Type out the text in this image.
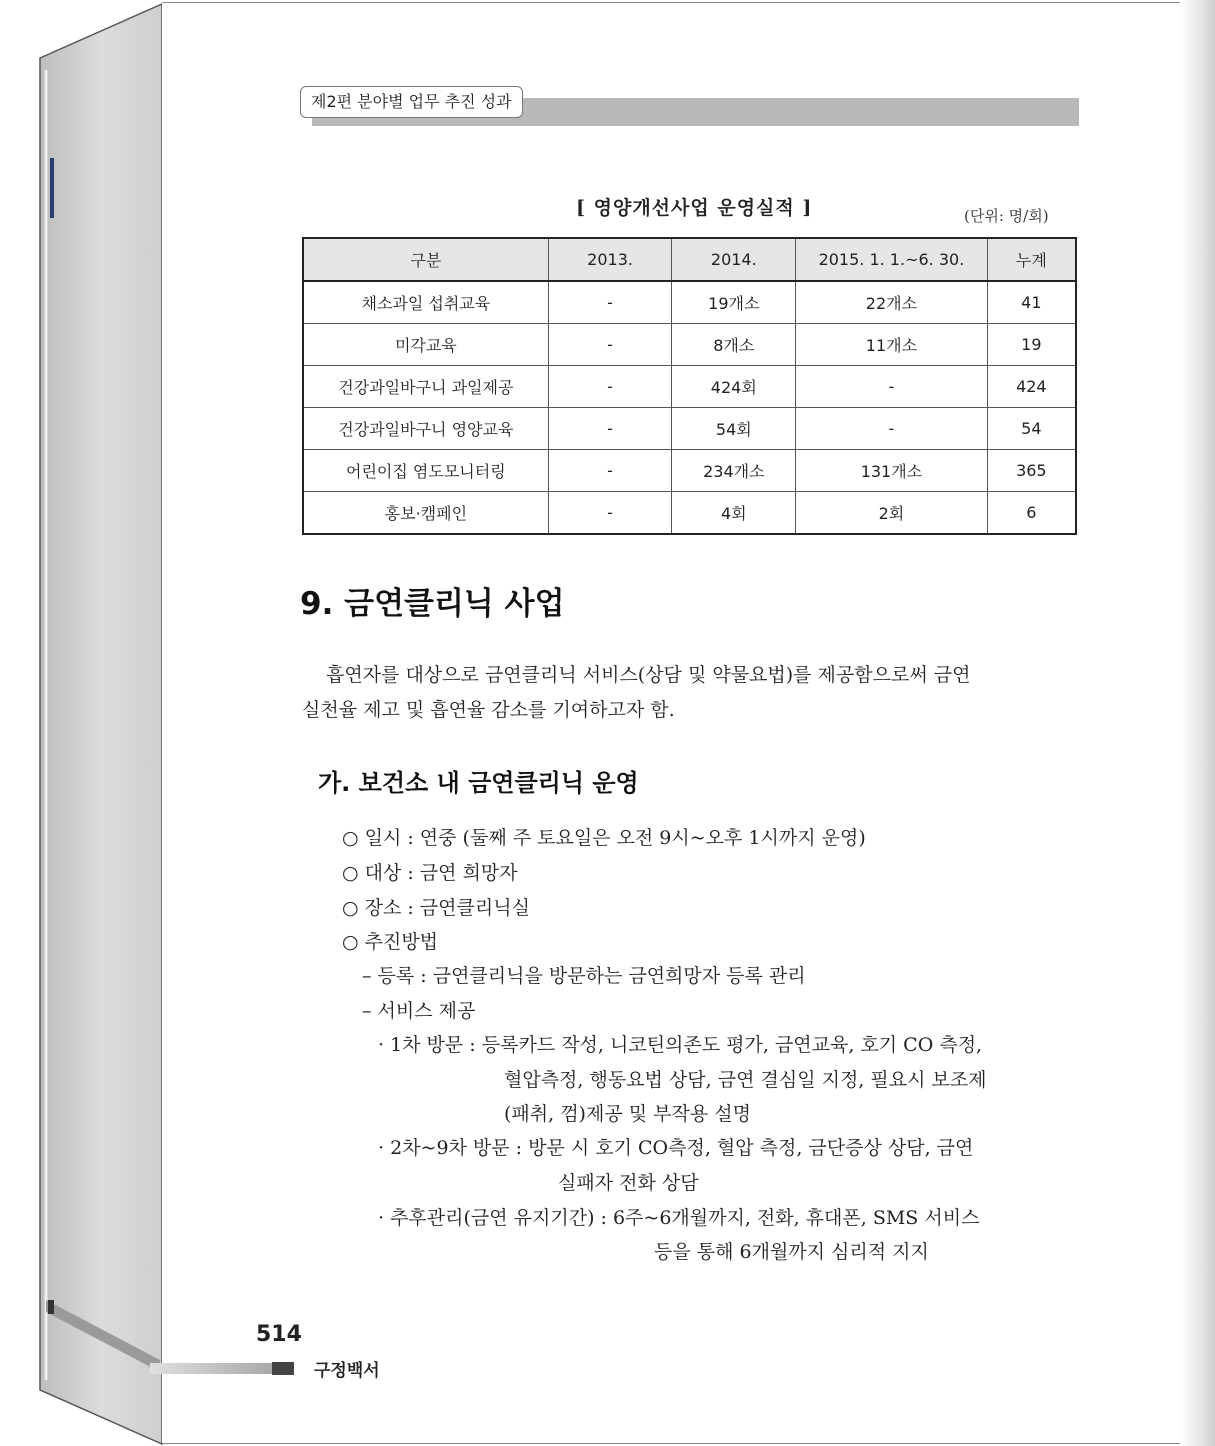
제2편 분야별 업무 추진 성과
[ 영양개선사업 운영실적 ]	(단위: 명/회)
구분	2013.	2014.	2015. 1. 1.~6. 30.	누계
채소과일 섭취교육	-	19개소	22개소	41
미각교육	-	8개소	11개소	19
건강과일바구니 과일제공	-	424회	-	424
건강과일바구니 영양교육	-	54회	-	54
어린이집 염도모니터링	-	234개소	131개소	365
홍보·캠페인	-	4회	2회	6
9. 금연클리닉 사업
흡연자를 대상으로 금연클리닉 서비스(상담 및 약물요법)를 제공함으로써 금연
실천율 제고 및 흡연율 감소를 기여하고자 함.
가. 보건소 내 금연클리닉 운영
○ 일시 : 연중 (둘째 주 토요일은 오전 9시~오후 1시까지 운영)
○ 대상 : 금연 희망자
○ 장소 : 금연클리닉실
○ 추진방법
– 등록 : 금연클리닉을 방문하는 금연희망자 등록 관리
– 서비스 제공
· 1차 방문 : 등록카드 작성, 니코틴의존도 평가, 금연교육, 호기 CO 측정,
혈압측정, 행동요법 상담, 금연 결심일 지정, 필요시 보조제
(패취, 껌)제공 및 부작용 설명
· 2차~9차 방문 : 방문 시 호기 CO측정, 혈압 측정, 금단증상 상담, 금연
실패자 전화 상담
· 추후관리(금연 유지기간) : 6주~6개월까지, 전화, 휴대폰, SMS 서비스
등을 통해 6개월까지 심리적 지지
514
구정백서
